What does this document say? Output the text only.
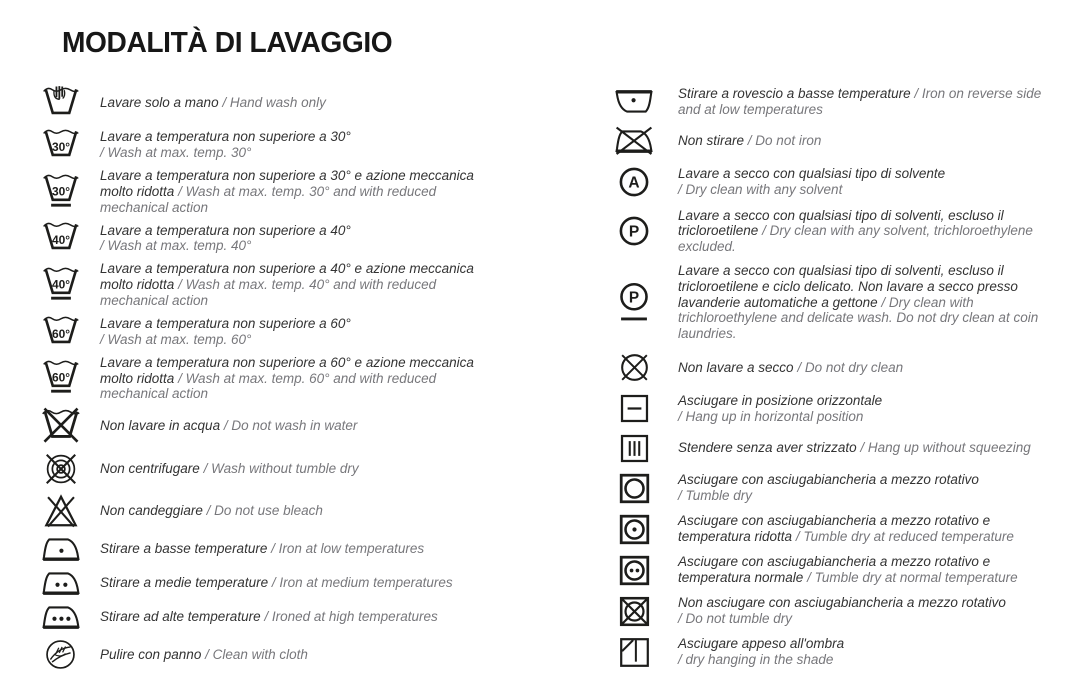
MODALITÀ DI LAVAGGIO
Lavare solo a mano / Hand wash only
30°
Lavare a temperatura non superiore a 30°
/ Wash at max. temp. 30°
30°
Lavare a temperatura non superiore a 30° e azione meccanica molto ridotta / Wash at max. temp. 30° and with reduced mechanical action
40°
Lavare a temperatura non superiore a 40°
/ Wash at max. temp. 40°
40°
Lavare a temperatura non superiore a 40° e azione meccanica molto ridotta / Wash at max. temp. 40° and with reduced mechanical action
60°
Lavare a temperatura non superiore a 60°
/ Wash at max. temp. 60°
60°
Lavare a temperatura non superiore a 60° e azione meccanica molto ridotta / Wash at max. temp. 60° and with reduced mechanical action
Non lavare in acqua / Do not wash in water
Non centrifugare / Wash without tumble dry
Non candeggiare / Do not use bleach
Stirare a basse temperature / Iron at low temperatures
Stirare a medie temperature / Iron at medium temperatures
Stirare ad alte temperature / Ironed at high temperatures
Pulire con panno / Clean with cloth
Stirare a rovescio a basse temperature / Iron on reverse side and at low temperatures
Non stirare / Do not iron
A
Lavare a secco con qualsiasi tipo di solvente
/ Dry clean with any solvent
P
Lavare a secco con qualsiasi tipo di solventi, escluso il tricloroetilene / Dry clean with any solvent, trichloroethylene excluded.
P
Lavare a secco con qualsiasi tipo di solventi, escluso il tricloroetilene e ciclo delicato. Non lavare a secco presso lavanderie automatiche a gettone / Dry clean with trichloroethylene and delicate wash. Do not dry clean at coin laundries.
Non lavare a secco / Do not dry clean
Asciugare in posizione orizzontale
/ Hang up in horizontal position
Stendere senza aver strizzato / Hang up without squeezing
Asciugare con asciugabiancheria a mezzo rotativo
/ Tumble dry
Asciugare con asciugabiancheria a mezzo rotativo e temperatura ridotta / Tumble dry at reduced temperature
Asciugare con asciugabiancheria a mezzo rotativo e temperatura normale / Tumble dry at normal temperature
Non asciugare con asciugabiancheria a mezzo rotativo
/ Do not tumble dry
Asciugare appeso all'ombra
/ dry hanging in the shade
